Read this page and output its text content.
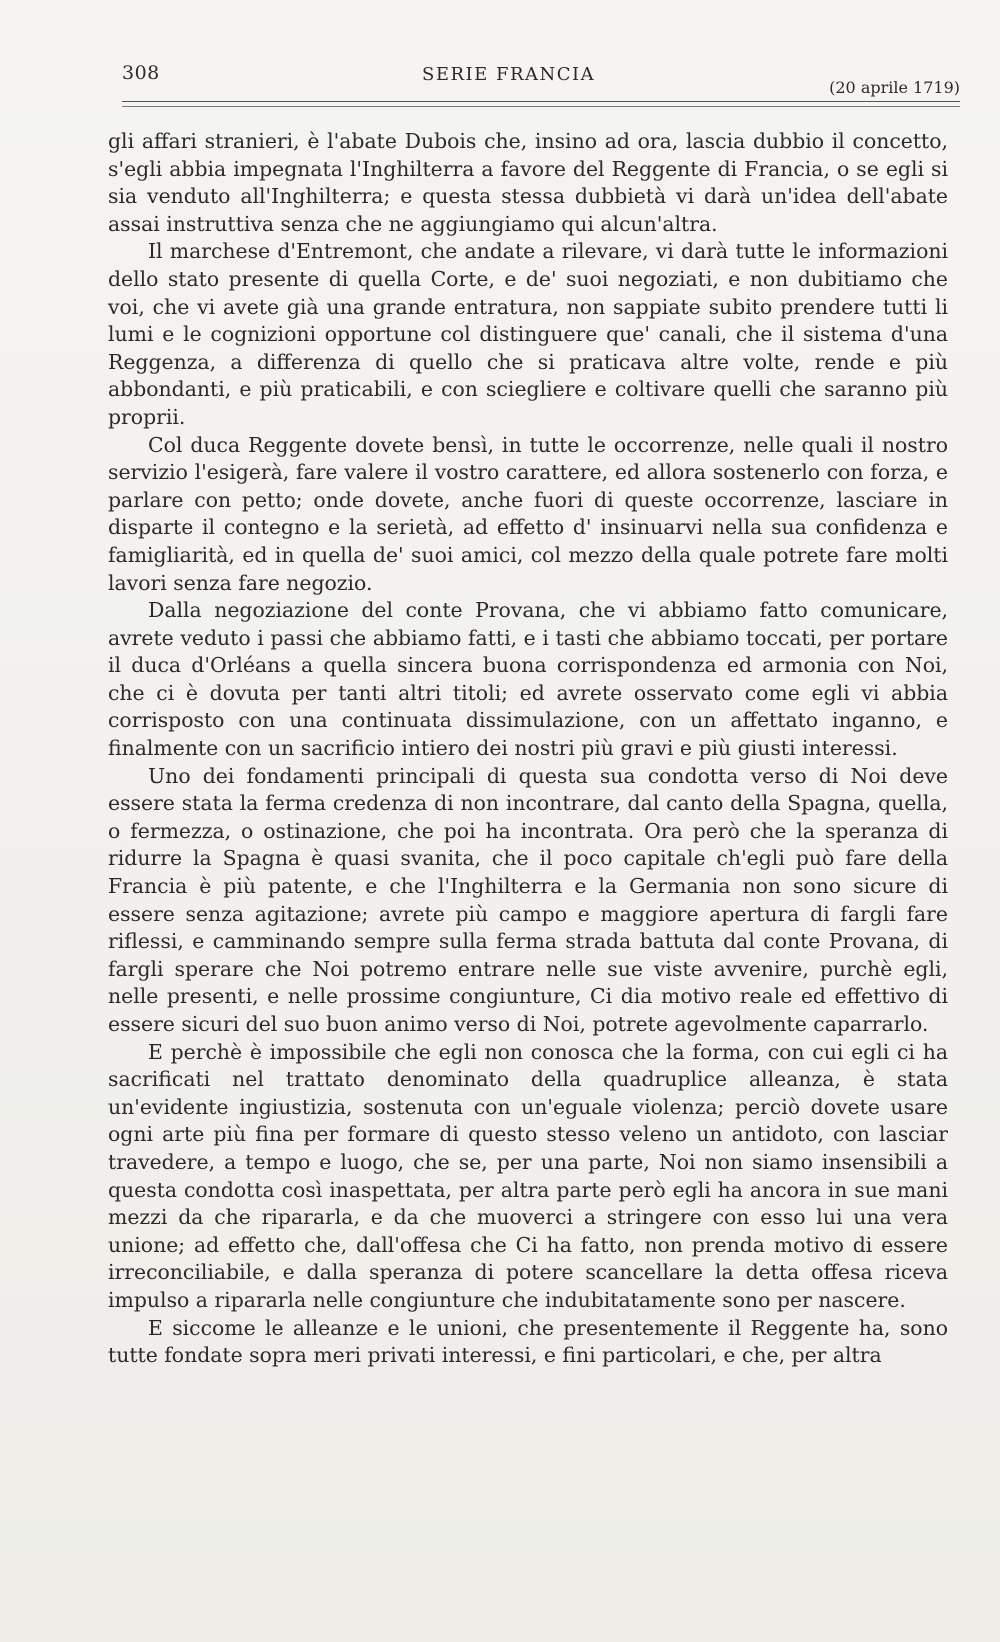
308	SERIE FRANCIA
(20 aprile 1719)

gli affari stranieri, è l'abate Dubois che, insino ad ora, lascia dubbio il concetto, s'egli abbia impegnata l'Inghilterra a favore del Reggente di Francia, o se egli si sia venduto all'Inghilterra; e questa stessa dubbietà vi darà un'idea dell'abate assai instruttiva senza che ne aggiungiamo qui alcun'altra.

Il marchese d'Entremont, che andate a rilevare, vi darà tutte le informazioni dello stato presente di quella Corte, e de' suoi negoziati, e non dubitiamo che voi, che vi avete già una grande entratura, non sappiate subito prendere tutti li lumi e le cognizioni opportune col distinguere que' canali, che il sistema d'una Reggenza, a differenza di quello che si praticava altre volte, rende e più abbondanti, e più praticabili, e con sciegliere e coltivare quelli che saranno più proprii.

Col duca Reggente dovete bensì, in tutte le occorrenze, nelle quali il nostro servizio l'esigerà, fare valere il vostro carattere, ed allora sostenerlo con forza, e parlare con petto; onde dovete, anche fuori di queste occorrenze, lasciare in disparte il contegno e la serietà, ad effetto d' insinuarvi nella sua confidenza e famigliarità, ed in quella de' suoi amici, col mezzo della quale potrete fare molti lavori senza fare negozio.

Dalla negoziazione del conte Provana, che vi abbiamo fatto comunicare, avrete veduto i passi che abbiamo fatti, e i tasti che abbiamo toccati, per portare il duca d'Orléans a quella sincera buona corrispondenza ed armonia con Noi, che ci è dovuta per tanti altri titoli; ed avrete osservato come egli vi abbia corrisposto con una continuata dissimulazione, con un affettato inganno, e finalmente con un sacrificio intiero dei nostri più gravi e più giusti interessi.

Uno dei fondamenti principali di questa sua condotta verso di Noi deve essere stata la ferma credenza di non incontrare, dal canto della Spagna, quella, o fermezza, o ostinazione, che poi ha incontrata. Ora però che la speranza di ridurre la Spagna è quasi svanita, che il poco capitale ch'egli può fare della Francia è più patente, e che l'Inghilterra e la Germania non sono sicure di essere senza agitazione; avrete più campo e maggiore apertura di fargli fare riflessi, e camminando sempre sulla ferma strada battuta dal conte Provana, di fargli sperare che Noi potremo entrare nelle sue viste avvenire, purchè egli, nelle presenti, e nelle prossime congiunture, Ci dia motivo reale ed effettivo di essere sicuri del suo buon animo verso di Noi, potrete agevolmente caparrarlo.

E perchè è impossibile che egli non conosca che la forma, con cui egli ci ha sacrificati nel trattato denominato della quadruplice alleanza, è stata un'evidente ingiustizia, sostenuta con un'eguale violenza; perciò dovete usare ogni arte più fina per formare di questo stesso veleno un antidoto, con lasciar travedere, a tempo e luogo, che se, per una parte, Noi non siamo insensibili a questa condotta così inaspettata, per altra parte però egli ha ancora in sue mani mezzi da che ripararla, e da che muoverci a stringere con esso lui una vera unione; ad effetto che, dall'offesa che Ci ha fatto, non prenda motivo di essere irreconciliabile, e dalla speranza di potere scancellare la detta offesa riceva impulso a ripararla nelle congiunture che indubitatamente sono per nascere.

E siccome le alleanze e le unioni, che presentemente il Reggente ha, sono tutte fondate sopra meri privati interessi, e fini particolari, e che, per altra
